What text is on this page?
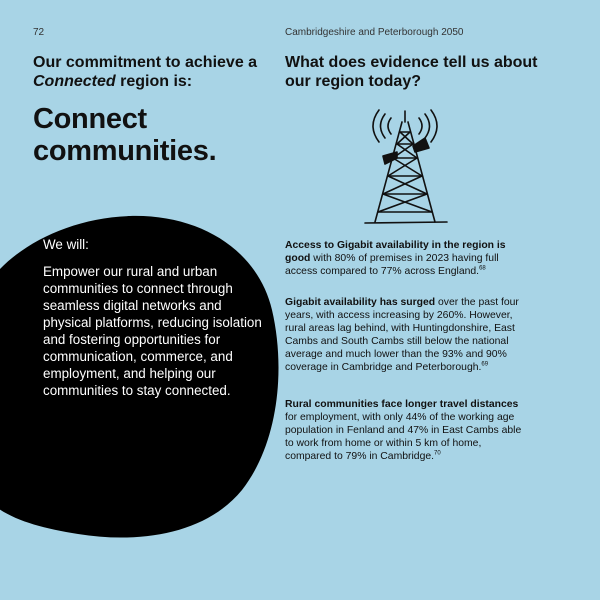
72	Cambridgeshire and Peterborough 2050
Our commitment to achieve a
Connected region is:
Connect
communities.

We will:

Empower our rural and urban communities to connect through seamless digital networks and physical platforms, reducing isolation and fostering opportunities for communication, commerce, and employment, and helping our communities to stay connected.

What does evidence tell us about
our region today?

Access to Gigabit availability in the region is good with 80% of premises in 2023 having full access compared to 77% across England.$^{68}$

Gigabit availability has surged over the past four years, with access increasing by 260%. However, rural areas lag behind, with Huntingdonshire, East Cambs and South Cambs still below the national average and much lower than the 93% and 90% coverage in Cambridge and Peterborough.$^{69}$

Rural communities face longer travel distances for employment, with only 44% of the working age population in Fenland and 47% in East Cambs able to work from home or within 5 km of home, compared to 79% in Cambridge.$^{70}$
